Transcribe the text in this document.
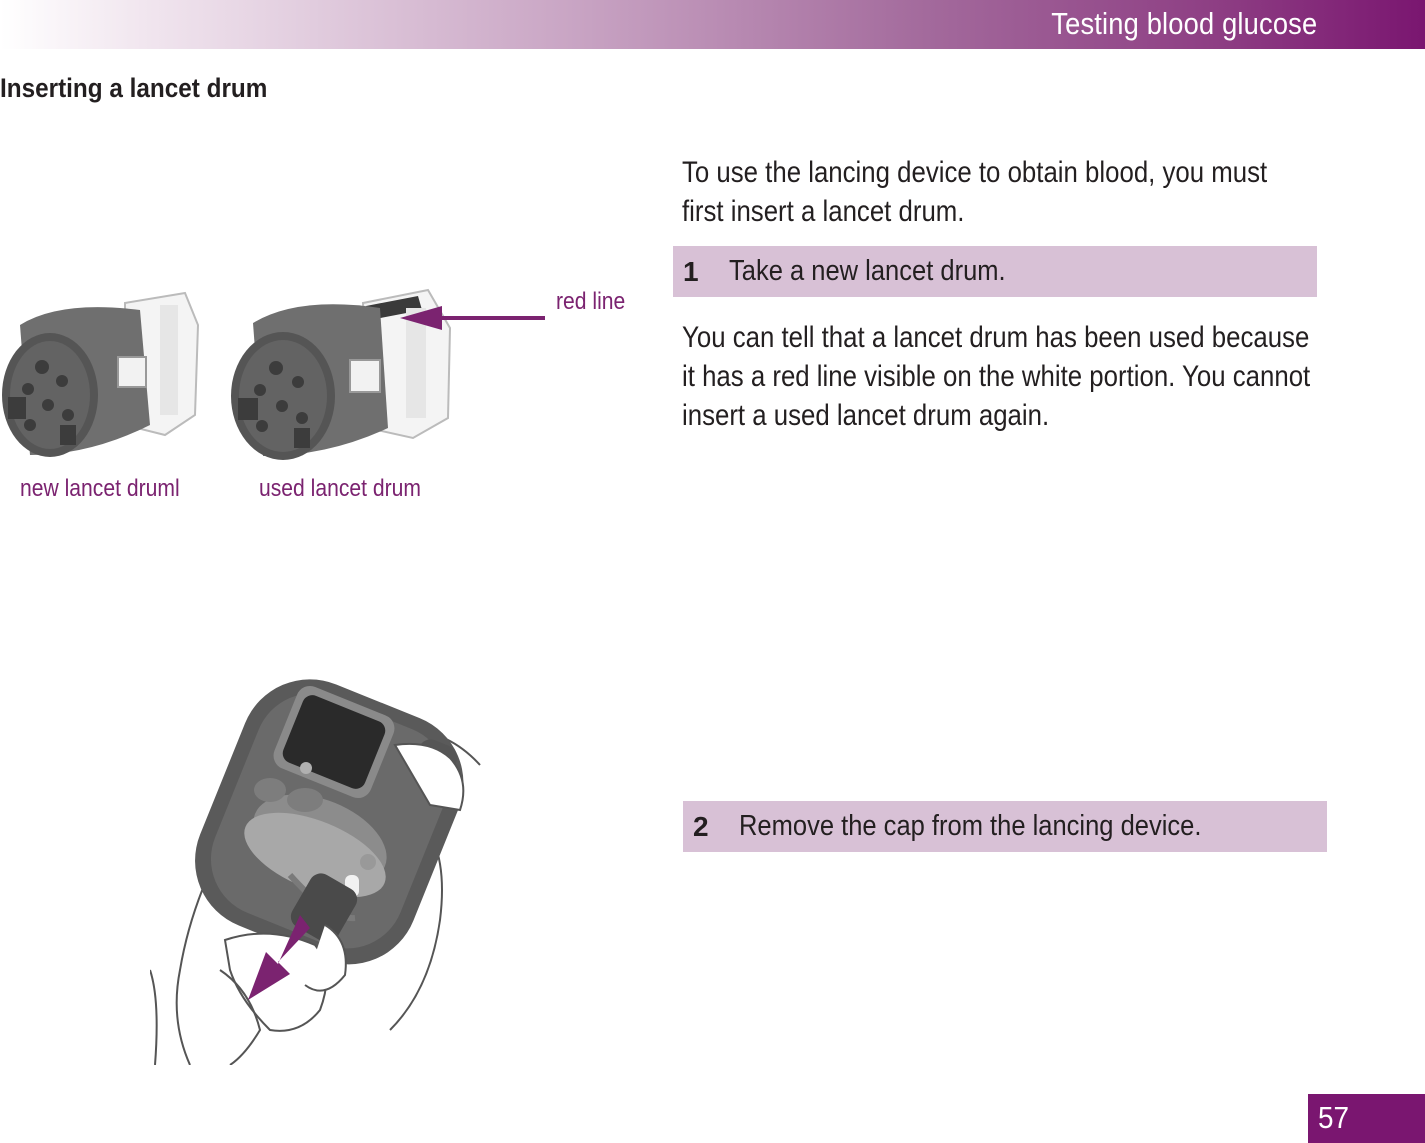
Testing blood glucose
Inserting a lancet drum

To use the lancing device to obtain blood, you must

first insert a lancet drum.

1	Take a new lancet drum.

You can tell that a lancet drum has been used because

it has a red line visible on the white portion. You cannot

insert a used lancet drum again.

2	Remove the cap from the lancing device.
red line
new lancet druml	used lancet drum
57
